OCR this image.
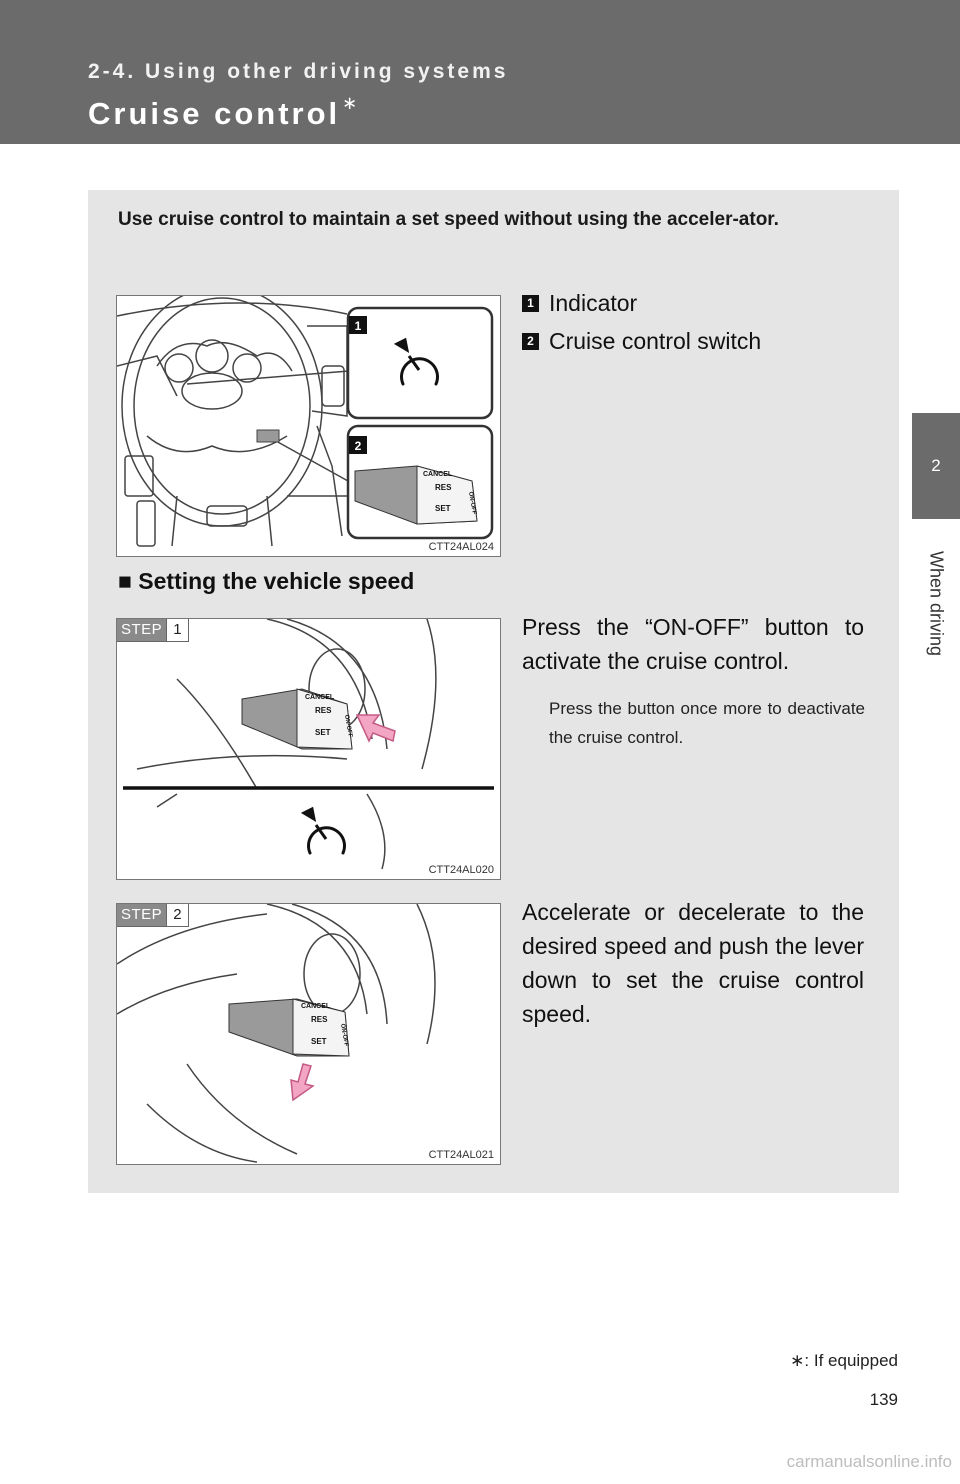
2-4. Using other driving systems
Cruise control ∗
2
When driving
Use cruise control to maintain a set speed without using the acceler-ator.
1
2
CANCEL
RES
SET	ON-OFF
CTT24AL024
1 Indicator
2 Cruise control switch
■ Setting the vehicle speed
CANCEL
RES
SET ON-OFF
STEP 1
CTT24AL020
Press the “ON-OFF” button to activate the cruise control.
Press the button once more to deactivate the cruise control.
CANCEL
RES
SET ON-OFF
STEP 2
CTT24AL021
Accelerate or decelerate to the desired speed and push the lever down to set the cruise control speed.
∗: If equipped
139
carmanualsonline.info
